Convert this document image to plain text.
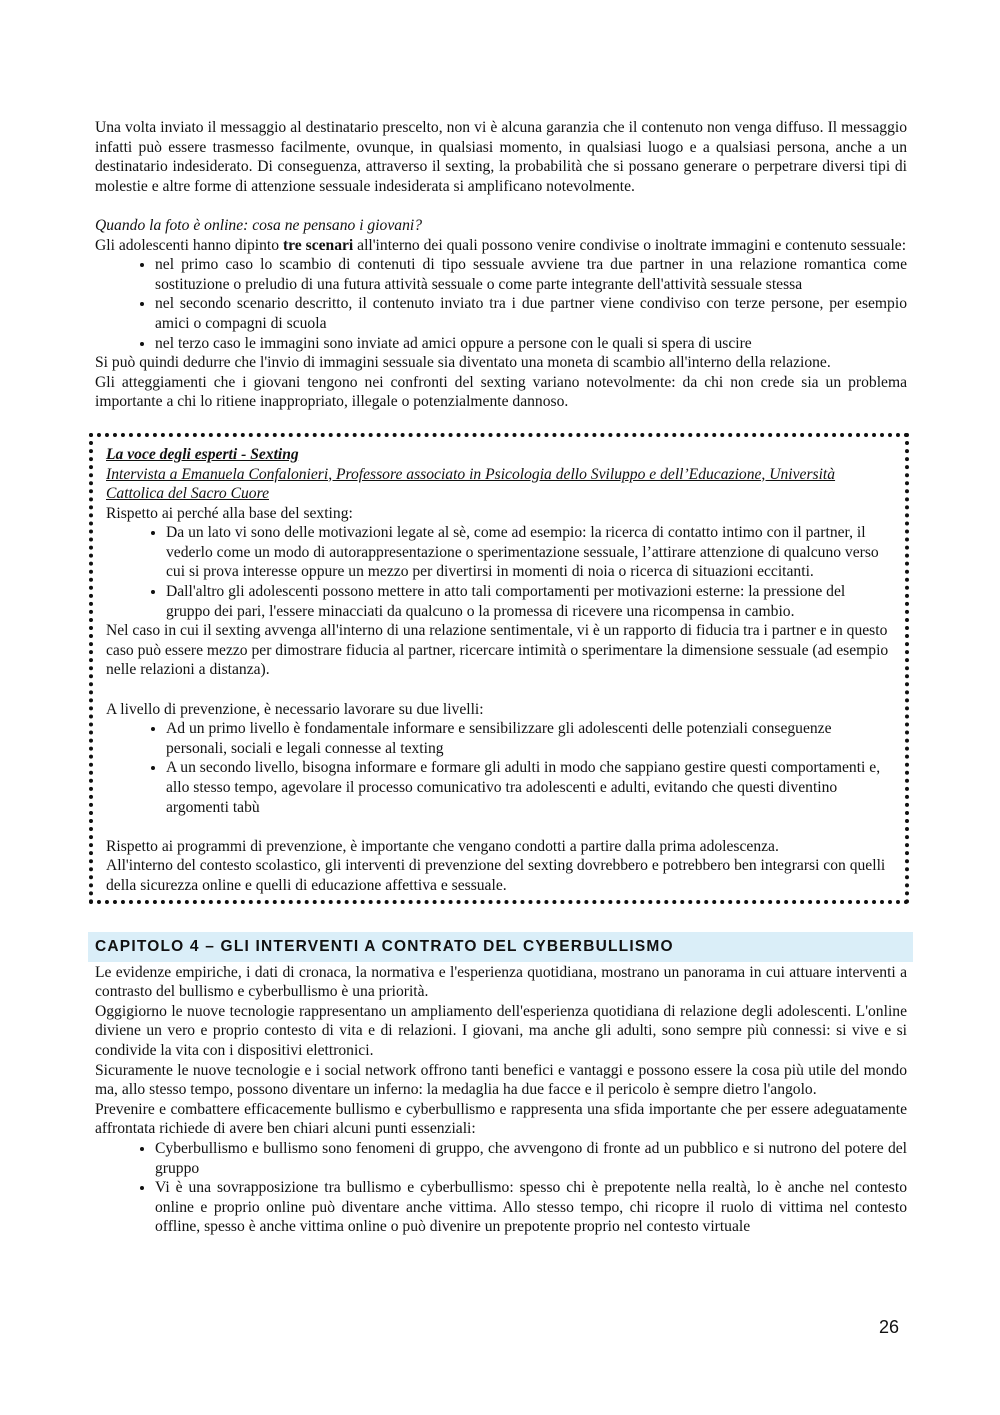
Una volta inviato il messaggio al destinatario prescelto, non vi è alcuna garanzia che il contenuto non venga diffuso. Il messaggio infatti può essere trasmesso facilmente, ovunque, in qualsiasi momento, in qualsiasi luogo e a qualsiasi persona, anche a un destinatario indesiderato. Di conseguenza, attraverso il sexting, la probabilità che si possano generare o perpetrare diversi tipi di molestie e altre forme di attenzione sessuale indesiderata si amplificano notevolmente.

Quando la foto è online: cosa ne pensano i giovani?

Gli adolescenti hanno dipinto tre scenari all'interno dei quali possono venire condivise o inoltrate immagini e contenuto sessuale:

• nel primo caso lo scambio di contenuti di tipo sessuale avviene tra due partner in una relazione romantica come sostituzione o preludio di una futura attività sessuale o come parte integrante dell'attività sessuale stessa
• nel secondo scenario descritto, il contenuto inviato tra i due partner viene condiviso con terze persone, per esempio amici o compagni di scuola
• nel terzo caso le immagini sono inviate ad amici oppure a persone con le quali si spera di uscire

Si può quindi dedurre che l'invio di immagini sessuale sia diventato una moneta di scambio all'interno della relazione.

Gli atteggiamenti che i giovani tengono nei confronti del sexting variano notevolmente: da chi non crede sia un problema importante a chi lo ritiene inappropriato, illegale o potenzialmente dannoso.

La voce degli esperti - Sexting

Intervista a Emanuela Confalonieri, Professore associato in Psicologia dello Sviluppo e dell’Educazione, Università Cattolica del Sacro Cuore

Rispetto ai perché alla base del sexting:

• Da un lato vi sono delle motivazioni legate al sè, come ad esempio: la ricerca di contatto intimo con il partner, il vederlo come un modo di autorappresentazione o sperimentazione sessuale, l’attirare attenzione di qualcuno verso cui si prova interesse oppure un mezzo per divertirsi in momenti di noia o ricerca di situazioni eccitanti.
• Dall'altro gli adolescenti possono mettere in atto tali comportamenti per motivazioni esterne: la pressione del gruppo dei pari, l'essere minacciati da qualcuno o la promessa di ricevere una ricompensa in cambio.

Nel caso in cui il sexting avvenga all'interno di una relazione sentimentale, vi è un rapporto di fiducia tra i partner e in questo caso può essere mezzo per dimostrare fiducia al partner, ricercare intimità o sperimentare la dimensione sessuale (ad esempio nelle relazioni a distanza).

A livello di prevenzione, è necessario lavorare su due livelli:

• Ad un primo livello è fondamentale informare e sensibilizzare gli adolescenti delle potenziali conseguenze personali, sociali e legali connesse al texting
• A un secondo livello, bisogna informare e formare gli adulti in modo che sappiano gestire questi comportamenti e, allo stesso tempo, agevolare il processo comunicativo tra adolescenti e adulti, evitando che questi diventino argomenti tabù

Rispetto ai programmi di prevenzione, è importante che vengano condotti a partire dalla prima adolescenza.

All'interno del contesto scolastico, gli interventi di prevenzione del sexting dovrebbero e potrebbero ben integrarsi con quelli della sicurezza online e quelli di educazione affettiva e sessuale.

CAPITOLO 4 – GLI INTERVENTI A CONTRATO DEL CYBERBULLISMO

Le evidenze empiriche, i dati di cronaca, la normativa e l'esperienza quotidiana, mostrano un panorama in cui attuare interventi a contrasto del bullismo e cyberbullismo è una priorità.

Oggigiorno le nuove tecnologie rappresentano un ampliamento dell'esperienza quotidiana di relazione degli adolescenti. L'online diviene un vero e proprio contesto di vita e di relazioni. I giovani, ma anche gli adulti, sono sempre più connessi: si vive e si condivide la vita con i dispositivi elettronici.

Sicuramente le nuove tecnologie e i social network offrono tanti benefici e vantaggi e possono essere la cosa più utile del mondo ma, allo stesso tempo, possono diventare un inferno: la medaglia ha due facce e il pericolo è sempre dietro l'angolo.

Prevenire e combattere efficacemente bullismo e cyberbullismo e rappresenta una sfida importante che per essere adeguatamente affrontata richiede di avere ben chiari alcuni punti essenziali:

• Cyberbullismo e bullismo sono fenomeni di gruppo, che avvengono di fronte ad un pubblico e si nutrono del potere del gruppo
• Vi è una sovrapposizione tra bullismo e cyberbullismo: spesso chi è prepotente nella realtà, lo è anche nel contesto online e proprio online può diventare anche vittima. Allo stesso tempo, chi ricopre il ruolo di vittima nel contesto offline, spesso è anche vittima online o può divenire un prepotente proprio nel contesto virtuale
26
